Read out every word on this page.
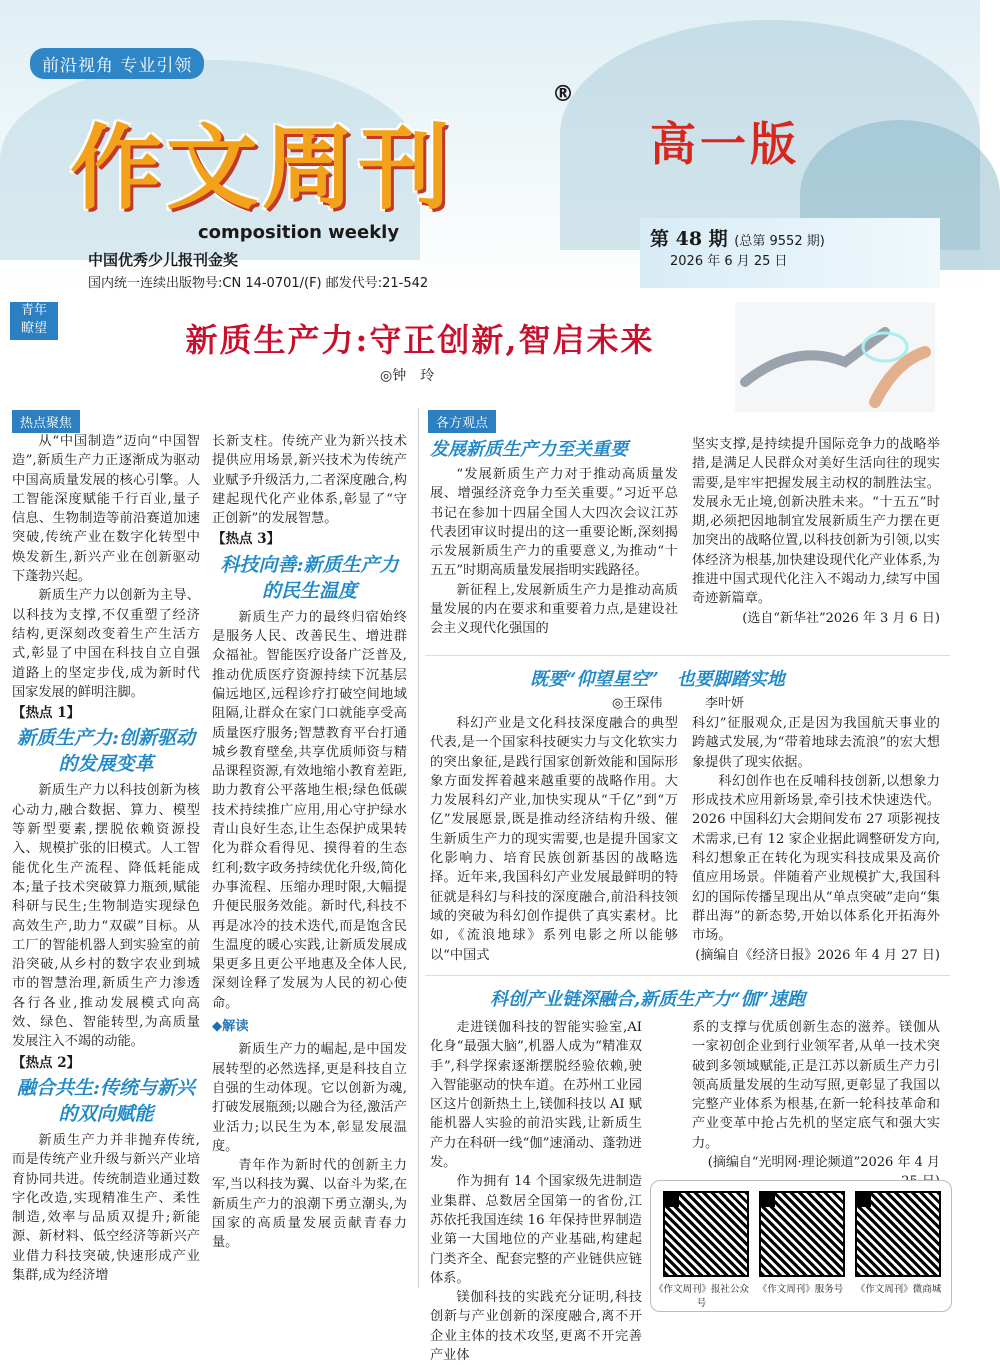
前沿视角 专业引领
作文周刊
®
composition weekly
中国优秀少儿报刊金奖
国内统一连续出版物号:CN 14-0701/(F) 邮发代号:21-542
高一版
第 48 期 (总第 9552 期)
2026 年 6 月 25 日
青年
瞭望	新质生产力:守正创新,智启未来
◎钟　玲
热点聚焦

从“中国制造”迈向“中国智造”,新质生产力正逐渐成为驱动中国高质量发展的核心引擎。人工智能深度赋能千行百业,量子信息、生物制造等前沿赛道加速突破,传统产业在数字化转型中焕发新生,新兴产业在创新驱动下蓬勃兴起。

新质生产力以创新为主导、以科技为支撑,不仅重塑了经济结构,更深刻改变着生产生活方式,彰显了中国在科技自立自强道路上的坚定步伐,成为新时代国家发展的鲜明注脚。

【热点 1】
新质生产力:创新驱动的发展变革

新质生产力以科技创新为核心动力,融合数据、算力、模型等新型要素,摆脱依赖资源投入、规模扩张的旧模式。人工智能优化生产流程、降低耗能成本;量子技术突破算力瓶颈,赋能科研与民生;生物制造实现绿色高效生产,助力“双碳”目标。从工厂的智能机器人到实验室的前沿突破,从乡村的数字农业到城市的智慧治理,新质生产力渗透各行各业,推动发展模式向高效、绿色、智能转型,为高质量发展注入不竭的动能。

【热点 2】
融合共生:传统与新兴的双向赋能

新质生产力并非抛弃传统,而是传统产业升级与新兴产业培育协同共进。传统制造业通过数字化改造,实现精准生产、柔性制造,效率与品质双提升;新能源、新材料、低空经济等新兴产业借力科技突破,快速形成产业集群,成为经济增

长新支柱。传统产业为新兴技术提供应用场景,新兴技术为传统产业赋予升级活力,二者深度融合,构建起现代化产业体系,彰显了“守正创新”的发展智慧。

【热点 3】
科技向善:新质生产力的民生温度

新质生产力的最终归宿始终是服务人民、改善民生、增进群众福祉。智能医疗设备广泛普及,推动优质医疗资源持续下沉基层偏远地区,远程诊疗打破空间地域阻隔,让群众在家门口就能享受高质量医疗服务;智慧教育平台打通城乡教育壁垒,共享优质师资与精品课程资源,有效地缩小教育差距,助力教育公平落地生根;绿色低碳技术持续推广应用,用心守护绿水青山良好生态,让生态保护成果转化为群众看得见、摸得着的生态红利;数字政务持续优化升级,简化办事流程、压缩办理时限,大幅提升便民服务效能。新时代,科技不再是冰冷的技术迭代,而是饱含民生温度的暖心实践,让新质发展成果更多且更公平地惠及全体人民,深刻诠释了发展为人民的初心使命。

◆解读

新质生产力的崛起,是中国发展转型的必然选择,更是科技自立自强的生动体现。它以创新为魂,打破发展瓶颈;以融合为径,激活产业活力;以民生为本,彰显发展温度。

青年作为新时代的创新主力军,当以科技为翼、以奋斗为桨,在新质生产力的浪潮下勇立潮头,为国家的高质量发展贡献青春力量。

各方观点
发展新质生产力至关重要

“发展新质生产力对于推动高质量发展、增强经济竞争力至关重要。”习近平总书记在参加十四届全国人大四次会议江苏代表团审议时提出的这一重要论断,深刻揭示发展新质生产力的重要意义,为推动“十五五”时期高质量发展指明实践路径。

新征程上,发展新质生产力是推动高质量发展的内在要求和重要着力点,是建设社会主义现代化强国的

坚实支撑,是持续提升国际竞争力的战略举措,是满足人民群众对美好生活向往的现实需要,是牢牢把握发展主动权的制胜法宝。发展永无止境,创新决胜未来。“十五五”时期,必须把因地制宜发展新质生产力摆在更加突出的战略位置,以科技创新为引领,以实体经济为根基,加快建设现代化产业体系,为推进中国式现代化注入不竭动力,续写中国奇迹新篇章。

(选自“新华社”2026 年 3 月 6 日)
既要“仰望星空”　也要脚踏实地
◎王琛伟	李叶妍

科幻产业是文化科技深度融合的典型代表,是一个国家科技硬实力与文化软实力的突出象征,是践行国家创新效能和国际形象方面发挥着越来越重要的战略作用。大力发展科幻产业,加快实现从“千亿”到“万亿”发展愿景,既是推动经济结构升级、催生新质生产力的现实需要,也是提升国家文化影响力、培育民族创新基因的战略选择。近年来,我国科幻产业发展最鲜明的特征就是科幻与科技的深度融合,前沿科技领域的突破为科幻创作提供了真实素材。比如,《流浪地球》系列电影之所以能够以“中国式

科幻”征服观众,正是因为我国航天事业的跨越式发展,为“带着地球去流浪”的宏大想象提供了现实依据。

科幻创作也在反哺科技创新,以想象力形成技术应用新场景,牵引技术快速迭代。2026 中国科幻大会期间发布 27 项影视技术需求,已有 12 家企业据此调整研发方向,科幻想象正在转化为现实科技成果及高价值应用场景。伴随着产业规模扩大,我国科幻的国际传播呈现出从“单点突破”走向“集群出海”的新态势,开始以体系化开拓海外市场。

(摘编自《经济日报》2026 年 4 月 27 日)
科创产业链深融合,新质生产力“伽”速跑

走进镁伽科技的智能实验室,AI 化身“最强大脑”,机器人成为“精准双手”,科学探索逐渐摆脱经验依赖,驶入智能驱动的快车道。在苏州工业园区这片创新热土上,镁伽科技以 AI 赋能机器人实验的前沿实践,让新质生产力在科研一线“伽”速涌动、蓬勃迸发。

作为拥有 14 个国家级先进制造业集群、总数居全国第一的省份,江苏依托我国连续 16 年保持世界制造业第一大国地位的产业基础,构建起门类齐全、配套完整的产业链供应链体系。

镁伽科技的实践充分证明,科技创新与产业创新的深度融合,离不开企业主体的技术攻坚,更离不开完善产业体

系的支撑与优质创新生态的滋养。镁伽从一家初创企业到行业领军者,从单一技术突破到多领域赋能,正是江苏以新质生产力引领高质量发展的生动写照,更彰显了我国以完整产业体系为根基,在新一轮科技革命和产业变革中抢占先机的坚定底气和强大实力。

(摘编自“光明网·理论频道”2026 年 4 月
《作文周刊》报社公众号
《作文周刊》服务号	《作文周刊》微商城
